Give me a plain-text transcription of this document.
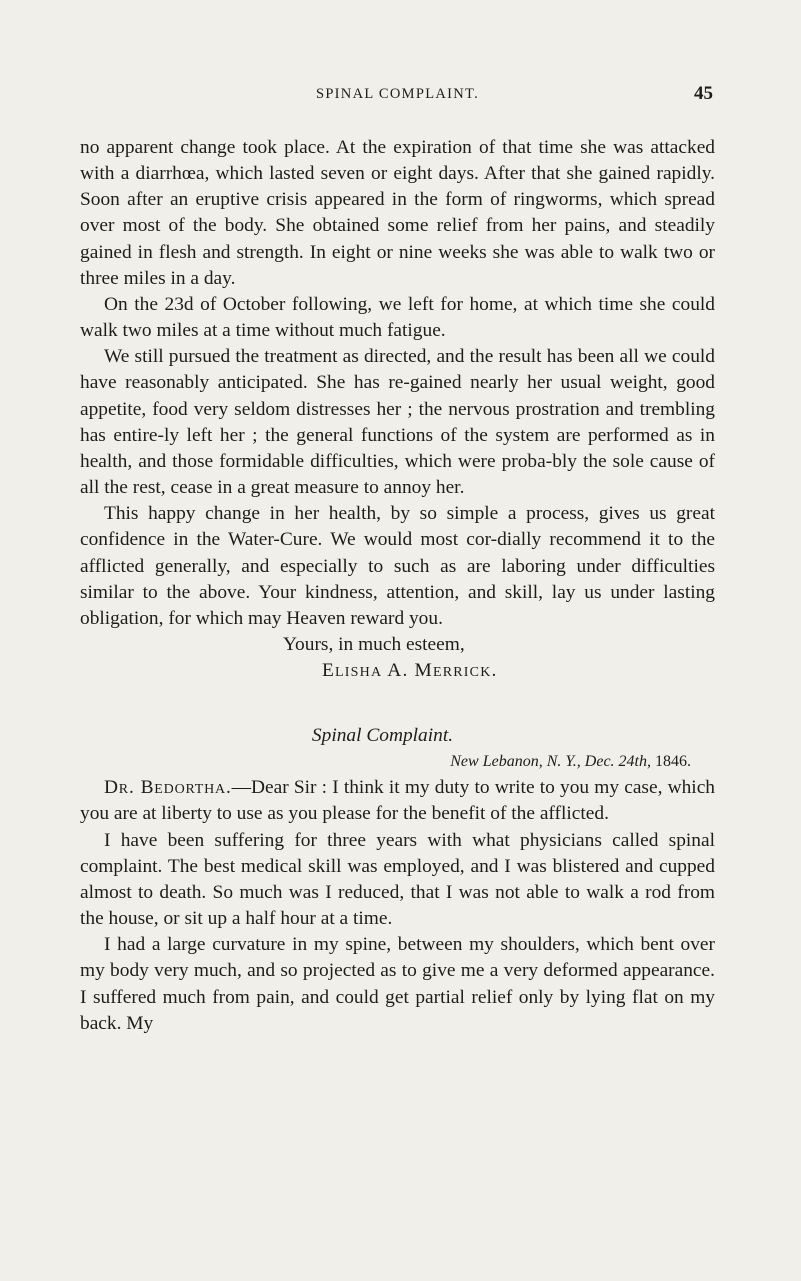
SPINAL COMPLAINT.	45

no apparent change took place. At the expiration of that time she was attacked with a diarrhœa, which lasted seven or eight days. After that she gained rapidly. Soon after an eruptive crisis appeared in the form of ringworms, which spread over most of the body. She obtained some relief from her pains, and steadily gained in flesh and strength. In eight or nine weeks she was able to walk two or three miles in a day.

On the 23d of October following, we left for home, at which time she could walk two miles at a time without much fatigue.

We still pursued the treatment as directed, and the result has been all we could have reasonably anticipated. She has re-gained nearly her usual weight, good appetite, food very seldom distresses her ; the nervous prostration and trembling has entire-ly left her ; the general functions of the system are performed as in health, and those formidable difficulties, which were proba-bly the sole cause of all the rest, cease in a great measure to annoy her.

This happy change in her health, by so simple a process, gives us great confidence in the Water-Cure. We would most cor-dially recommend it to the afflicted generally, and especially to such as are laboring under difficulties similar to the above. Your kindness, attention, and skill, lay us under lasting obligation, for which may Heaven reward you.

Yours, in much esteem,
Elisha A. Merrick.
Spinal Complaint.
New Lebanon, N. Y., Dec. 24th, 1846.

Dr. Bedortha.—Dear Sir : I think it my duty to write to you my case, which you are at liberty to use as you please for the benefit of the afflicted.

I have been suffering for three years with what physicians called spinal complaint. The best medical skill was employed, and I was blistered and cupped almost to death. So much was I reduced, that I was not able to walk a rod from the house, or sit up a half hour at a time.

I had a large curvature in my spine, between my shoulders, which bent over my body very much, and so projected as to give me a very deformed appearance. I suffered much from pain, and could get partial relief only by lying flat on my back. My
